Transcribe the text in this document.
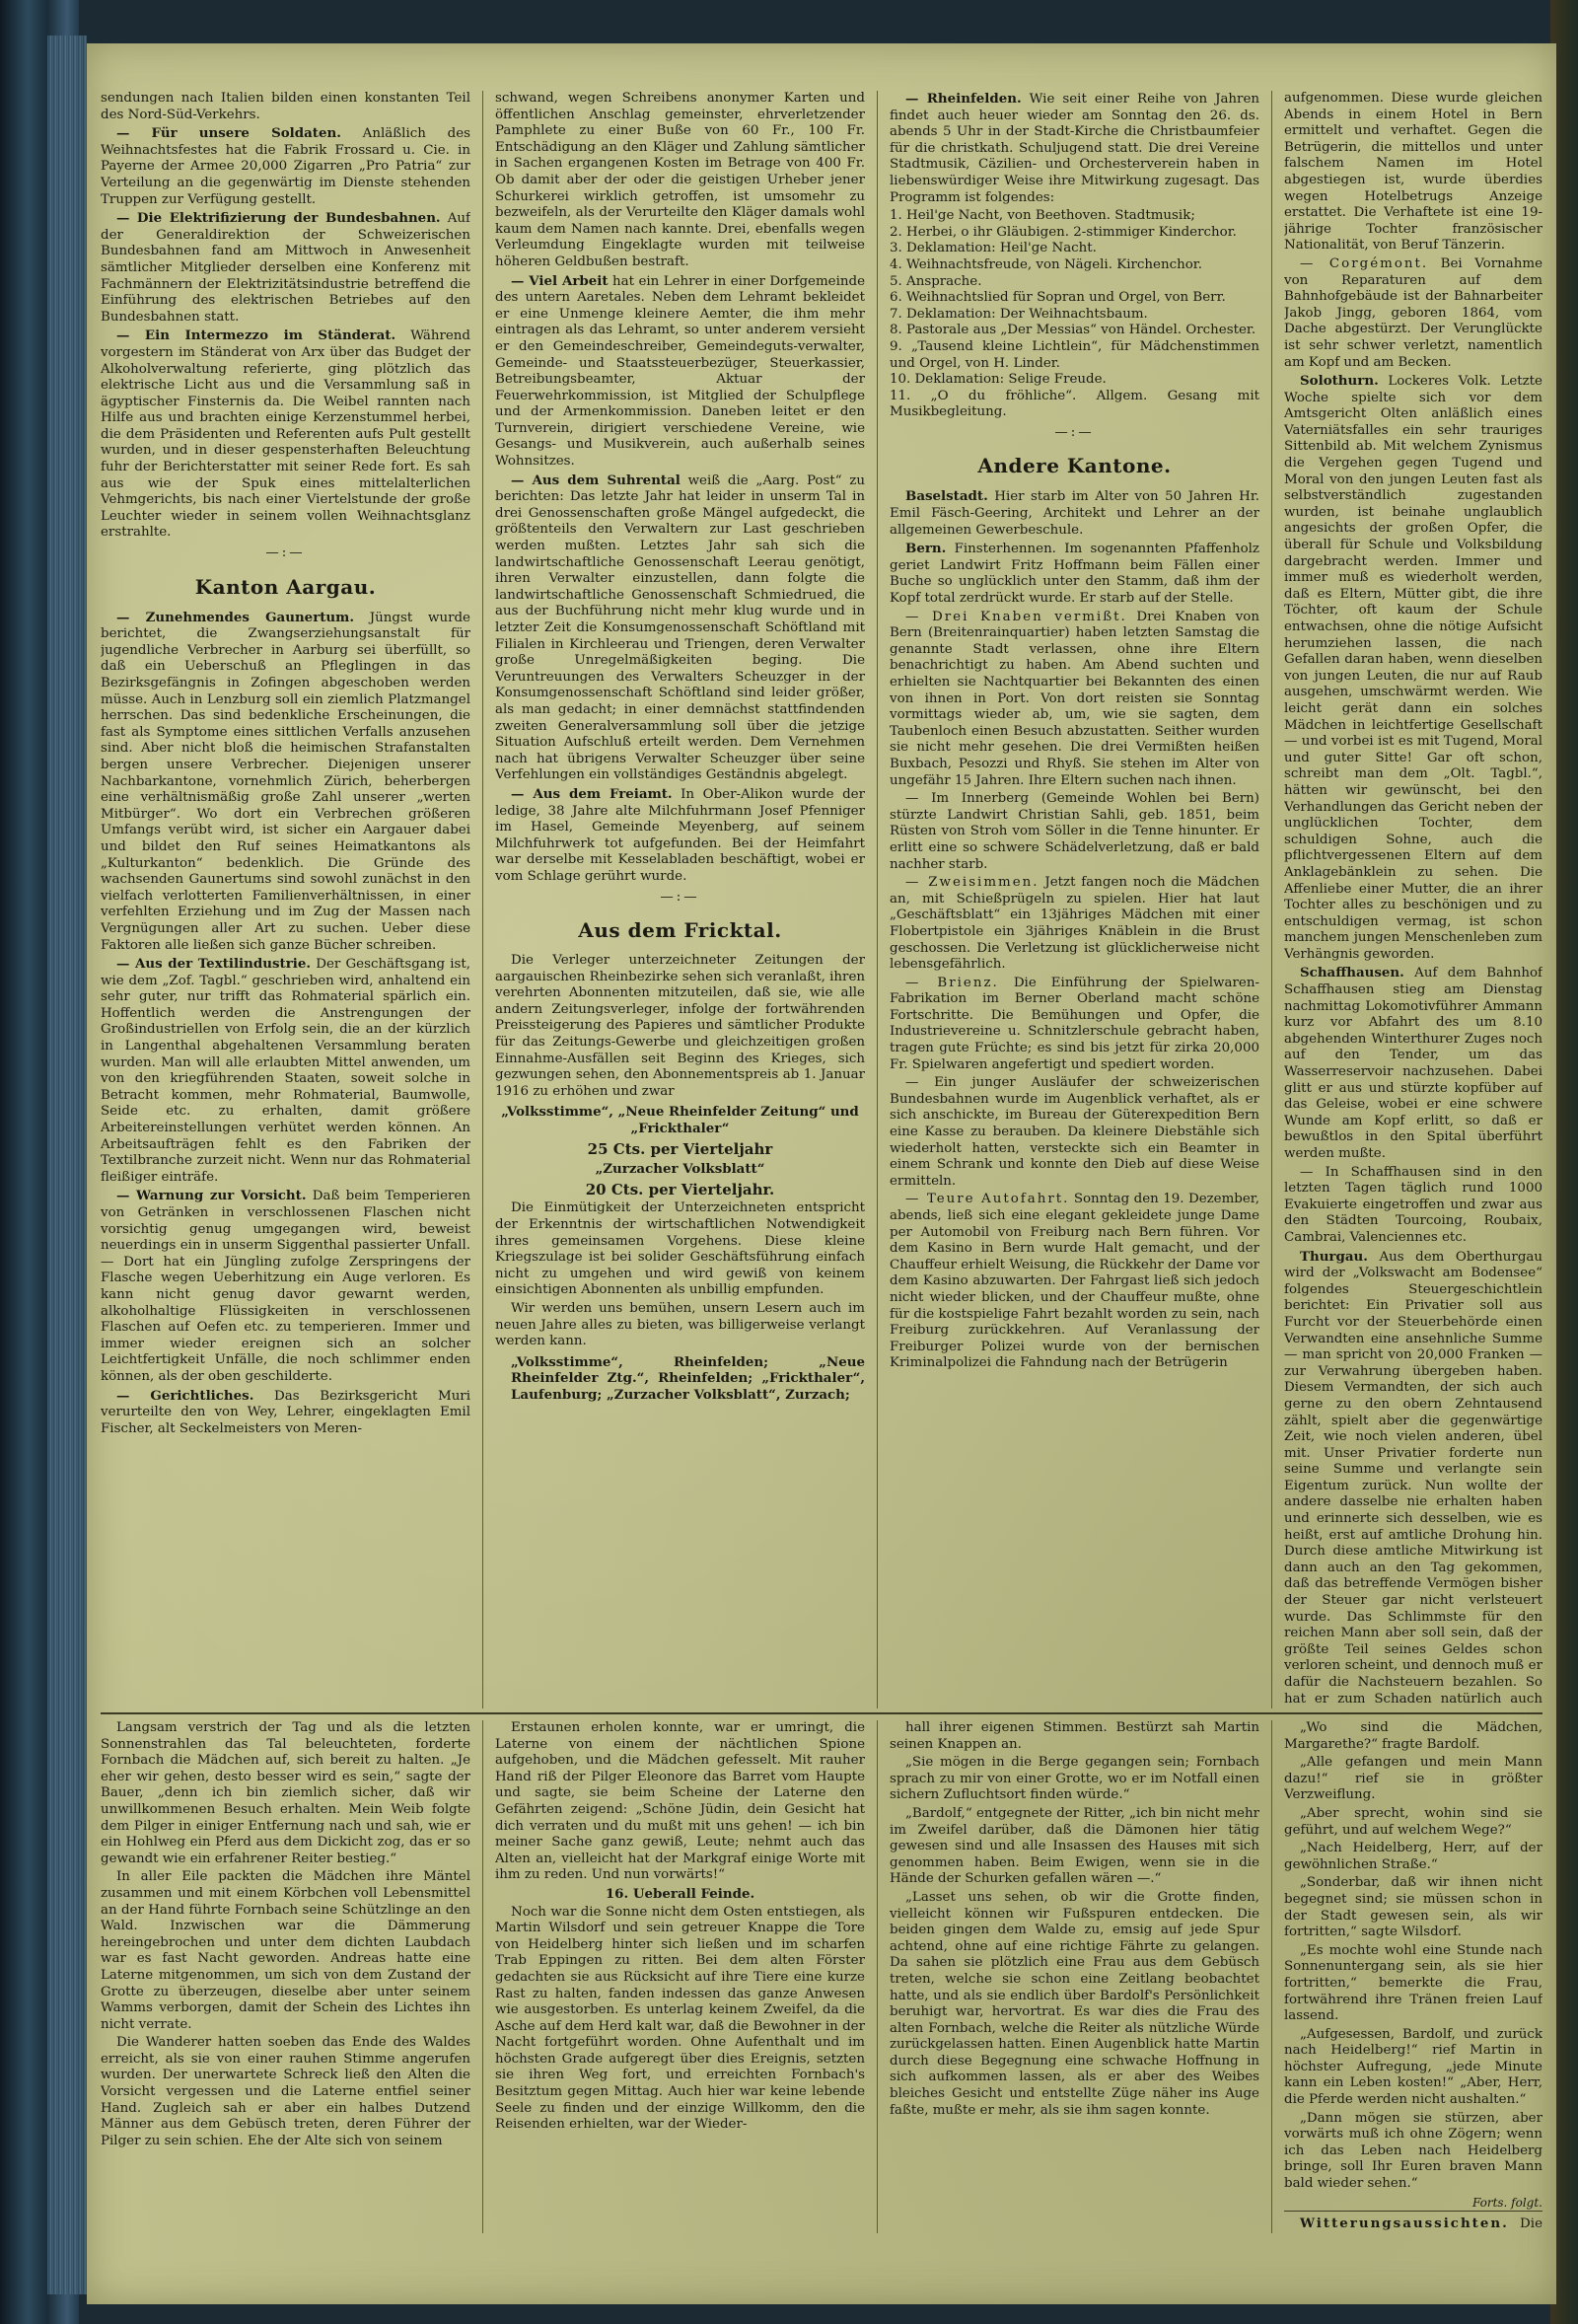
sendungen nach Italien bilden einen konstanten Teil des Nord-Süd-Verkehrs.

— Für unsere Soldaten. Anläßlich des Weihnachtsfestes hat die Fabrik Frossard u. Cie. in Payerne der Armee 20,000 Zigarren „Pro Patria“ zur Verteilung an die gegenwärtig im Dienste stehenden Truppen zur Verfügung gestellt.

— Die Elektrifizierung der Bundesbahnen. Auf der Generaldirektion der Schweizerischen Bundesbahnen fand am Mittwoch in Anwesenheit sämtlicher Mitglieder derselben eine Konferenz mit Fachmännern der Elektrizitätsindustrie betreffend die Einführung des elektrischen Betriebes auf den Bundesbahnen statt.

— Ein Intermezzo im Ständerat. Während vorgestern im Ständerat von Arx über das Budget der Alkoholverwaltung referierte, ging plötzlich das elektrische Licht aus und die Versammlung saß in ägyptischer Finsternis da. Die Weibel rannten nach Hilfe aus und brachten einige Kerzenstummel herbei, die dem Präsidenten und Referenten aufs Pult gestellt wurden, und in dieser gespensterhaften Beleuchtung fuhr der Berichterstatter mit seiner Rede fort. Es sah aus wie der Spuk eines mittelalterlichen Vehmgerichts, bis nach einer Viertelstunde der große Leuchter wieder in seinem vollen Weihnachtsglanz erstrahlte.

—:—
Kanton Aargau.

— Zunehmendes Gaunertum. Jüngst wurde berichtet, die Zwangserziehungsanstalt für jugendliche Verbrecher in Aarburg sei überfüllt, so daß ein Ueberschuß an Pfleglingen in das Bezirksgefängnis in Zofingen abgeschoben werden müsse. Auch in Lenzburg soll ein ziemlich Platzmangel herrschen. Das sind bedenkliche Erscheinungen, die fast als Symptome eines sittlichen Verfalls anzusehen sind. Aber nicht bloß die heimischen Strafanstalten bergen unsere Verbrecher. Diejenigen unserer Nachbarkantone, vornehmlich Zürich, beherbergen eine verhältnismäßig große Zahl unserer „werten Mitbürger“. Wo dort ein Verbrechen größeren Umfangs verübt wird, ist sicher ein Aargauer dabei und bildet den Ruf seines Heimatkantons als „Kulturkanton“ bedenklich. Die Gründe des wachsenden Gaunertums sind sowohl zunächst in den vielfach verlotterten Familienverhältnissen, in einer verfehlten Erziehung und im Zug der Massen nach Vergnügungen aller Art zu suchen. Ueber diese Faktoren alle ließen sich ganze Bücher schreiben.

— Aus der Textilindustrie. Der Geschäftsgang ist, wie dem „Zof. Tagbl.“ geschrieben wird, anhaltend ein sehr guter, nur trifft das Rohmaterial spärlich ein. Hoffentlich werden die Anstrengungen der Großindustriellen von Erfolg sein, die an der kürzlich in Langenthal abgehaltenen Versammlung beraten wurden. Man will alle erlaubten Mittel anwenden, um von den kriegführenden Staaten, soweit solche in Betracht kommen, mehr Rohmaterial, Baumwolle, Seide etc. zu erhalten, damit größere Arbeitereinstellungen verhütet werden können. An Arbeitsaufträgen fehlt es den Fabriken der Textilbranche zurzeit nicht. Wenn nur das Rohmaterial fleißiger einträfe.

— Warnung zur Vorsicht. Daß beim Temperieren von Getränken in verschlossenen Flaschen nicht vorsichtig genug umgegangen wird, beweist neuerdings ein in unserm Siggenthal passierter Unfall. — Dort hat ein Jüngling zufolge Zerspringens der Flasche wegen Ueberhitzung ein Auge verloren. Es kann nicht genug davor gewarnt werden, alkoholhaltige Flüssigkeiten in verschlossenen Flaschen auf Oefen etc. zu temperieren. Immer und immer wieder ereignen sich an solcher Leichtfertigkeit Unfälle, die noch schlimmer enden können, als der oben geschilderte.

— Gerichtliches. Das Bezirksgericht Muri verurteilte den von Wey, Lehrer, eingeklagten Emil Fischer, alt Seckelmeisters von Meren-

schwand, wegen Schreibens anonymer Karten und öffentlichen Anschlag gemeinster, ehrverletzender Pamphlete zu einer Buße von 60 Fr., 100 Fr. Entschädigung an den Kläger und Zahlung sämtlicher in Sachen ergangenen Kosten im Betrage von 400 Fr. Ob damit aber der oder die geistigen Urheber jener Schurkerei wirklich getroffen, ist umsomehr zu bezweifeln, als der Verurteilte den Kläger damals wohl kaum dem Namen nach kannte. Drei, ebenfalls wegen Verleumdung Eingeklagte wurden mit teilweise höheren Geldbußen bestraft.

— Viel Arbeit hat ein Lehrer in einer Dorfgemeinde des untern Aaretales. Neben dem Lehramt bekleidet er eine Unmenge kleinere Aemter, die ihm mehr eintragen als das Lehramt, so unter anderem versieht er den Gemeindeschreiber, Gemeindeguts-verwalter, Gemeinde- und Staatssteuerbezüger, Steuerkassier, Betreibungsbeamter, Aktuar der Feuerwehrkommission, ist Mitglied der Schulpflege und der Armenkommission. Daneben leitet er den Turnverein, dirigiert verschiedene Vereine, wie Gesangs- und Musikverein, auch außerhalb seines Wohnsitzes.

— Aus dem Suhrental weiß die „Aarg. Post“ zu berichten: Das letzte Jahr hat leider in unserm Tal in drei Genossenschaften große Mängel aufgedeckt, die größtenteils den Verwaltern zur Last geschrieben werden mußten. Letztes Jahr sah sich die landwirtschaftliche Genossenschaft Leerau genötigt, ihren Verwalter einzustellen, dann folgte die landwirtschaftliche Genossenschaft Schmiedrued, die aus der Buchführung nicht mehr klug wurde und in letzter Zeit die Konsumgenossenschaft Schöftland mit Filialen in Kirchleerau und Triengen, deren Verwalter große Unregelmäßigkeiten beging. Die Veruntreuungen des Verwalters Scheuzger in der Konsumgenossenschaft Schöftland sind leider größer, als man gedacht; in einer demnächst stattfindenden zweiten Generalversammlung soll über die jetzige Situation Aufschluß erteilt werden. Dem Vernehmen nach hat übrigens Verwalter Scheuzger über seine Verfehlungen ein vollständiges Geständnis abgelegt.

— Aus dem Freiamt. In Ober-Alikon wurde der ledige, 38 Jahre alte Milchfuhrmann Josef Pfenniger im Hasel, Gemeinde Meyenberg, auf seinem Milchfuhrwerk tot aufgefunden. Bei der Heimfahrt war derselbe mit Kesselabladen beschäftigt, wobei er vom Schlage gerührt wurde.

—:—
Aus dem Fricktal.

Die Verleger unterzeichneter Zeitungen der aargauischen Rheinbezirke sehen sich veranlaßt, ihren verehrten Abonnenten mitzuteilen, daß sie, wie alle andern Zeitungsverleger, infolge der fortwährenden Preissteigerung des Papieres und sämtlicher Produkte für das Zeitungs-Gewerbe und gleichzeitigen großen Einnahme-Ausfällen seit Beginn des Krieges, sich gezwungen sehen, den Abonnementspreis ab 1. Januar 1916 zu erhöhen und zwar

„Volksstimme“, „Neue Rheinfelder Zeitung“ und „Frickthaler“
25 Cts. per Vierteljahr
„Zurzacher Volksblatt“
20 Cts. per Vierteljahr.

Die Einmütigkeit der Unterzeichneten entspricht der Erkenntnis der wirtschaftlichen Notwendigkeit ihres gemeinsamen Vorgehens. Diese kleine Kriegszulage ist bei solider Geschäftsführung einfach nicht zu umgehen und wird gewiß von keinem einsichtigen Abonnenten als unbillig empfunden.

Wir werden uns bemühen, unsern Lesern auch im neuen Jahre alles zu bieten, was billigerweise verlangt werden kann.

„Volksstimme“, Rheinfelden; „Neue Rheinfelder Ztg.“, Rheinfelden; „Frickthaler“, Laufenburg; „Zurzacher Volksblatt“, Zurzach;

— Rheinfelden. Wie seit einer Reihe von Jahren findet auch heuer wieder am Sonntag den 26. ds. abends 5 Uhr in der Stadt-Kirche die Christbaumfeier für die christkath. Schuljugend statt. Die drei Vereine Stadtmusik, Cäzilien- und Orchesterverein haben in liebenswürdiger Weise ihre Mitwirkung zugesagt. Das Programm ist folgendes:

1. Heil'ge Nacht, von Beethoven. Stadtmusik;
2. Herbei, o ihr Gläubigen. 2-stimmiger Kinderchor.
3. Deklamation: Heil'ge Nacht.
4. Weihnachtsfreude, von Nägeli. Kirchenchor.
5. Ansprache.
6. Weihnachtslied für Sopran und Orgel, von Berr.
7. Deklamation: Der Weihnachtsbaum.
8. Pastorale aus „Der Messias“ von Händel. Orchester.
9. „Tausend kleine Lichtlein“, für Mädchenstimmen und Orgel, von H. Linder.
10. Deklamation: Selige Freude.
11. „O du fröhliche“. Allgem. Gesang mit Musikbegleitung.
—:—
Andere Kantone.

Baselstadt. Hier starb im Alter von 50 Jahren Hr. Emil Fäsch-Geering, Architekt und Lehrer an der allgemeinen Gewerbeschule.

Bern. Finsterhennen. Im sogenannten Pfaffenholz geriet Landwirt Fritz Hoffmann beim Fällen einer Buche so unglücklich unter den Stamm, daß ihm der Kopf total zerdrückt wurde. Er starb auf der Stelle.

— Drei Knaben vermißt. Drei Knaben von Bern (Breitenrainquartier) haben letzten Samstag die genannte Stadt verlassen, ohne ihre Eltern benachrichtigt zu haben. Am Abend suchten und erhielten sie Nachtquartier bei Bekannten des einen von ihnen in Port. Von dort reisten sie Sonntag vormittags wieder ab, um, wie sie sagten, dem Taubenloch einen Besuch abzustatten. Seither wurden sie nicht mehr gesehen. Die drei Vermißten heißen Buxbach, Pesozzi und Rhyß. Sie stehen im Alter von ungefähr 15 Jahren. Ihre Eltern suchen nach ihnen.

— Im Innerberg (Gemeinde Wohlen bei Bern) stürzte Landwirt Christian Sahli, geb. 1851, beim Rüsten von Stroh vom Söller in die Tenne hinunter. Er erlitt eine so schwere Schädelverletzung, daß er bald nachher starb.

— Zweisimmen. Jetzt fangen noch die Mädchen an, mit Schießprügeln zu spielen. Hier hat laut „Geschäftsblatt“ ein 13jähriges Mädchen mit einer Flobertpistole ein 3jähriges Knäblein in die Brust geschossen. Die Verletzung ist glücklicherweise nicht lebensgefährlich.

— Brienz. Die Einführung der Spielwaren-Fabrikation im Berner Oberland macht schöne Fortschritte. Die Bemühungen und Opfer, die Industrievereine u. Schnitzlerschule gebracht haben, tragen gute Früchte; es sind bis jetzt für zirka 20,000 Fr. Spielwaren angefertigt und spediert worden.

— Ein junger Ausläufer der schweizerischen Bundesbahnen wurde im Augenblick verhaftet, als er sich anschickte, im Bureau der Güterexpedition Bern eine Kasse zu berauben. Da kleinere Diebstähle sich wiederholt hatten, versteckte sich ein Beamter in einem Schrank und konnte den Dieb auf diese Weise ermitteln.

— Teure Autofahrt. Sonntag den 19. Dezember, abends, ließ sich eine elegant gekleidete junge Dame per Automobil von Freiburg nach Bern führen. Vor dem Kasino in Bern wurde Halt gemacht, und der Chauffeur erhielt Weisung, die Rückkehr der Dame vor dem Kasino abzuwarten. Der Fahrgast ließ sich jedoch nicht wieder blicken, und der Chauffeur mußte, ohne für die kostspielige Fahrt bezahlt worden zu sein, nach Freiburg zurückkehren. Auf Veranlassung der Freiburger Polizei wurde von der bernischen Kriminalpolizei die Fahndung nach der Betrügerin

aufgenommen. Diese wurde gleichen Abends in einem Hotel in Bern ermittelt und verhaftet. Gegen die Betrügerin, die mittellos und unter falschem Namen im Hotel abgestiegen ist, wurde überdies wegen Hotelbetrugs Anzeige erstattet. Die Verhaftete ist eine 19-jährige Tochter französischer Nationalität, von Beruf Tänzerin.

— Corgémont. Bei Vornahme von Reparaturen auf dem Bahnhofgebäude ist der Bahnarbeiter Jakob Jingg, geboren 1864, vom Dache abgestürzt. Der Verunglückte ist sehr schwer verletzt, namentlich am Kopf und am Becken.

Solothurn. Lockeres Volk. Letzte Woche spielte sich vor dem Amtsgericht Olten anläßlich eines Vaterniätsfalles ein sehr trauriges Sittenbild ab. Mit welchem Zynismus die Vergehen gegen Tugend und Moral von den jungen Leuten fast als selbstverständlich zugestanden wurden, ist beinahe unglaublich angesichts der großen Opfer, die überall für Schule und Volksbildung dargebracht werden. Immer und immer muß es wiederholt werden, daß es Eltern, Mütter gibt, die ihre Töchter, oft kaum der Schule entwachsen, ohne die nötige Aufsicht herumziehen lassen, die nach Gefallen daran haben, wenn dieselben von jungen Leuten, die nur auf Raub ausgehen, umschwärmt werden. Wie leicht gerät dann ein solches Mädchen in leichtfertige Gesellschaft — und vorbei ist es mit Tugend, Moral und guter Sitte! Gar oft schon, schreibt man dem „Olt. Tagbl.“, hätten wir gewünscht, bei den Verhandlungen das Gericht neben der unglücklichen Tochter, dem schuldigen Sohne, auch die pflichtvergessenen Eltern auf dem Anklagebänklein zu sehen. Die Affenliebe einer Mutter, die an ihrer Tochter alles zu beschönigen und zu entschuldigen vermag, ist schon manchem jungen Menschenleben zum Verhängnis geworden.

Schaffhausen. Auf dem Bahnhof Schaffhausen stieg am Dienstag nachmittag Lokomotivführer Ammann kurz vor Abfahrt des um 8.10 abgehenden Winterthurer Zuges noch auf den Tender, um das Wasserreservoir nachzusehen. Dabei glitt er aus und stürzte kopfüber auf das Geleise, wobei er eine schwere Wunde am Kopf erlitt, so daß er bewußtlos in den Spital überführt werden mußte.

— In Schaffhausen sind in den letzten Tagen täglich rund 1000 Evakuierte eingetroffen und zwar aus den Städten Tourcoing, Roubaix, Cambrai, Valenciennes etc.

Thurgau. Aus dem Oberthurgau wird der „Volkswacht am Bodensee“ folgendes Steuergeschichtlein berichtet: Ein Privatier soll aus Furcht vor der Steuerbehörde einen Verwandten eine ansehnliche Summe — man spricht von 20,000 Franken — zur Verwahrung übergeben haben. Diesem Vermandten, der sich auch gerne zu den obern Zehntausend zählt, spielt aber die gegenwärtige Zeit, wie noch vielen anderen, übel mit. Unser Privatier forderte nun seine Summe und verlangte sein Eigentum zurück. Nun wollte der andere dasselbe nie erhalten haben und erinnerte sich desselben, wie es heißt, erst auf amtliche Drohung hin. Durch diese amtliche Mitwirkung ist dann auch an den Tag gekommen, daß das betreffende Vermögen bisher der Steuer gar nicht verlsteuert wurde. Das Schlimmste für den reichen Mann aber soll sein, daß der größte Teil seines Geldes schon verloren scheint, und dennoch muß er dafür die Nachsteuern bezahlen. So hat er zum Schaden natürlich auch

Langsam verstrich der Tag und als die letzten Sonnenstrahlen das Tal beleuchteten, forderte Fornbach die Mädchen auf, sich bereit zu halten. „Je eher wir gehen, desto besser wird es sein,“ sagte der Bauer, „denn ich bin ziemlich sicher, daß wir unwillkommenen Besuch erhalten. Mein Weib folgte dem Pilger in einiger Entfernung nach und sah, wie er ein Hohlweg ein Pferd aus dem Dickicht zog, das er so gewandt wie ein erfahrener Reiter bestieg.“

In aller Eile packten die Mädchen ihre Mäntel zusammen und mit einem Körbchen voll Lebensmittel an der Hand führte Fornbach seine Schützlinge an den Wald. Inzwischen war die Dämmerung hereingebrochen und unter dem dichten Laubdach war es fast Nacht geworden. Andreas hatte eine Laterne mitgenommen, um sich von dem Zustand der Grotte zu überzeugen, dieselbe aber unter seinem Wamms verborgen, damit der Schein des Lichtes ihn nicht verrate.

Die Wanderer hatten soeben das Ende des Waldes erreicht, als sie von einer rauhen Stimme angerufen wurden. Der unerwartete Schreck ließ den Alten die Vorsicht vergessen und die Laterne entfiel seiner Hand. Zugleich sah er aber ein halbes Dutzend Männer aus dem Gebüsch treten, deren Führer der Pilger zu sein schien. Ehe der Alte sich von seinem

Erstaunen erholen konnte, war er umringt, die Laterne von einem der nächtlichen Spione aufgehoben, und die Mädchen gefesselt. Mit rauher Hand riß der Pilger Eleonore das Barret vom Haupte und sagte, sie beim Scheine der Laterne den Gefährten zeigend: „Schöne Jüdin, dein Gesicht hat dich verraten und du mußt mit uns gehen! — ich bin meiner Sache ganz gewiß, Leute; nehmt auch das Alten an, vielleicht hat der Markgraf einige Worte mit ihm zu reden. Und nun vorwärts!“

16. Ueberall Feinde.

Noch war die Sonne nicht dem Osten entstiegen, als Martin Wilsdorf und sein getreuer Knappe die Tore von Heidelberg hinter sich ließen und im scharfen Trab Eppingen zu ritten. Bei dem alten Förster gedachten sie aus Rücksicht auf ihre Tiere eine kurze Rast zu halten, fanden indessen das ganze Anwesen wie ausgestorben. Es unterlag keinem Zweifel, da die Asche auf dem Herd kalt war, daß die Bewohner in der Nacht fortgeführt worden. Ohne Aufenthalt und im höchsten Grade aufgeregt über dies Ereignis, setzten sie ihren Weg fort, und erreichten Fornbach's Besitztum gegen Mittag. Auch hier war keine lebende Seele zu finden und der einzige Willkomm, den die Reisenden erhielten, war der Wieder-

hall ihrer eigenen Stimmen. Bestürzt sah Martin seinen Knappen an.

„Sie mögen in die Berge gegangen sein; Fornbach sprach zu mir von einer Grotte, wo er im Notfall einen sichern Zufluchtsort finden würde.“

„Bardolf,“ entgegnete der Ritter, „ich bin nicht mehr im Zweifel darüber, daß die Dämonen hier tätig gewesen sind und alle Insassen des Hauses mit sich genommen haben. Beim Ewigen, wenn sie in die Hände der Schurken gefallen wären —.“

„Lasset uns sehen, ob wir die Grotte finden, vielleicht können wir Fußspuren entdecken. Die beiden gingen dem Walde zu, emsig auf jede Spur achtend, ohne auf eine richtige Fährte zu gelangen. Da sahen sie plötzlich eine Frau aus dem Gebüsch treten, welche sie schon eine Zeitlang beobachtet hatte, und als sie endlich über Bardolf's Persönlichkeit beruhigt war, hervortrat. Es war dies die Frau des alten Fornbach, welche die Reiter als nützliche Würde zurückgelassen hatten. Einen Augenblick hatte Martin durch diese Begegnung eine schwache Hoffnung in sich aufkommen lassen, als er aber des Weibes bleiches Gesicht und entstellte Züge näher ins Auge faßte, mußte er mehr, als sie ihm sagen konnte.

„Wo sind die Mädchen, Margarethe?“ fragte Bardolf.

„Alle gefangen und mein Mann dazu!“ rief sie in größter Verzweiflung.

„Aber sprecht, wohin sind sie geführt, und auf welchem Wege?“

„Nach Heidelberg, Herr, auf der gewöhnlichen Straße.“

„Sonderbar, daß wir ihnen nicht begegnet sind; sie müssen schon in der Stadt gewesen sein, als wir fortritten,“ sagte Wilsdorf.

„Es mochte wohl eine Stunde nach Sonnenuntergang sein, als sie hier fortritten,“ bemerkte die Frau, fortwährend ihre Tränen freien Lauf lassend.

„Aufgesessen, Bardolf, und zurück nach Heidelberg!“ rief Martin in höchster Aufregung, „jede Minute kann ein Leben kosten!“ „Aber, Herr, die Pferde werden nicht aushalten.“

„Dann mögen sie stürzen, aber vorwärts muß ich ohne Zögern; wenn ich das Leben nach Heidelberg bringe, soll Ihr Euren braven Mann bald wieder sehen.“

Forts. folgt.

Witterungsaussichten. Die
